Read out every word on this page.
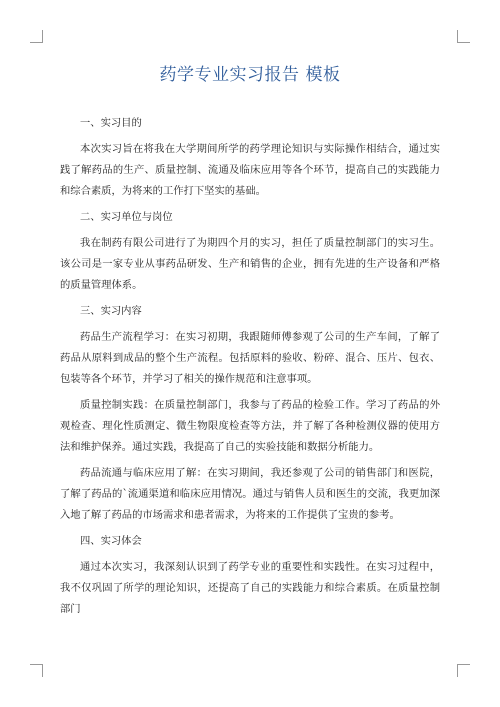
药学专业实习报告 模板
一、实习目的

本次实习旨在将我在大学期间所学的药学理论知识与实际操作相结合，通过实践了解药品的生产、质量控制、流通及临床应用等各个环节，提高自己的实践能力和综合素质，为将来的工作打下坚实的基础。

二、实习单位与岗位

我在制药有限公司进行了为期四个月的实习，担任了质量控制部门的实习生。该公司是一家专业从事药品研发、生产和销售的企业，拥有先进的生产设备和严格的质量管理体系。

三、实习内容

药品生产流程学习：在实习初期，我跟随师傅参观了公司的生产车间，了解了药品从原料到成品的整个生产流程。包括原料的验收、粉碎、混合、压片、包衣、包装等各个环节，并学习了相关的操作规范和注意事项。

质量控制实践：在质量控制部门，我参与了药品的检验工作。学习了药品的外观检查、理化性质测定、微生物限度检查等方法，并了解了各种检测仪器的使用方法和维护保养。通过实践，我提高了自己的实验技能和数据分析能力。

药品流通与临床应用了解：在实习期间，我还参观了公司的销售部门和医院，了解了药品的`流通渠道和临床应用情况。通过与销售人员和医生的交流，我更加深入地了解了药品的市场需求和患者需求，为将来的工作提供了宝贵的参考。

四、实习体会

通过本次实习，我深刻认识到了药学专业的重要性和实践性。在实习过程中，我不仅巩固了所学的理论知识，还提高了自己的实践能力和综合素质。在质量控制部门
